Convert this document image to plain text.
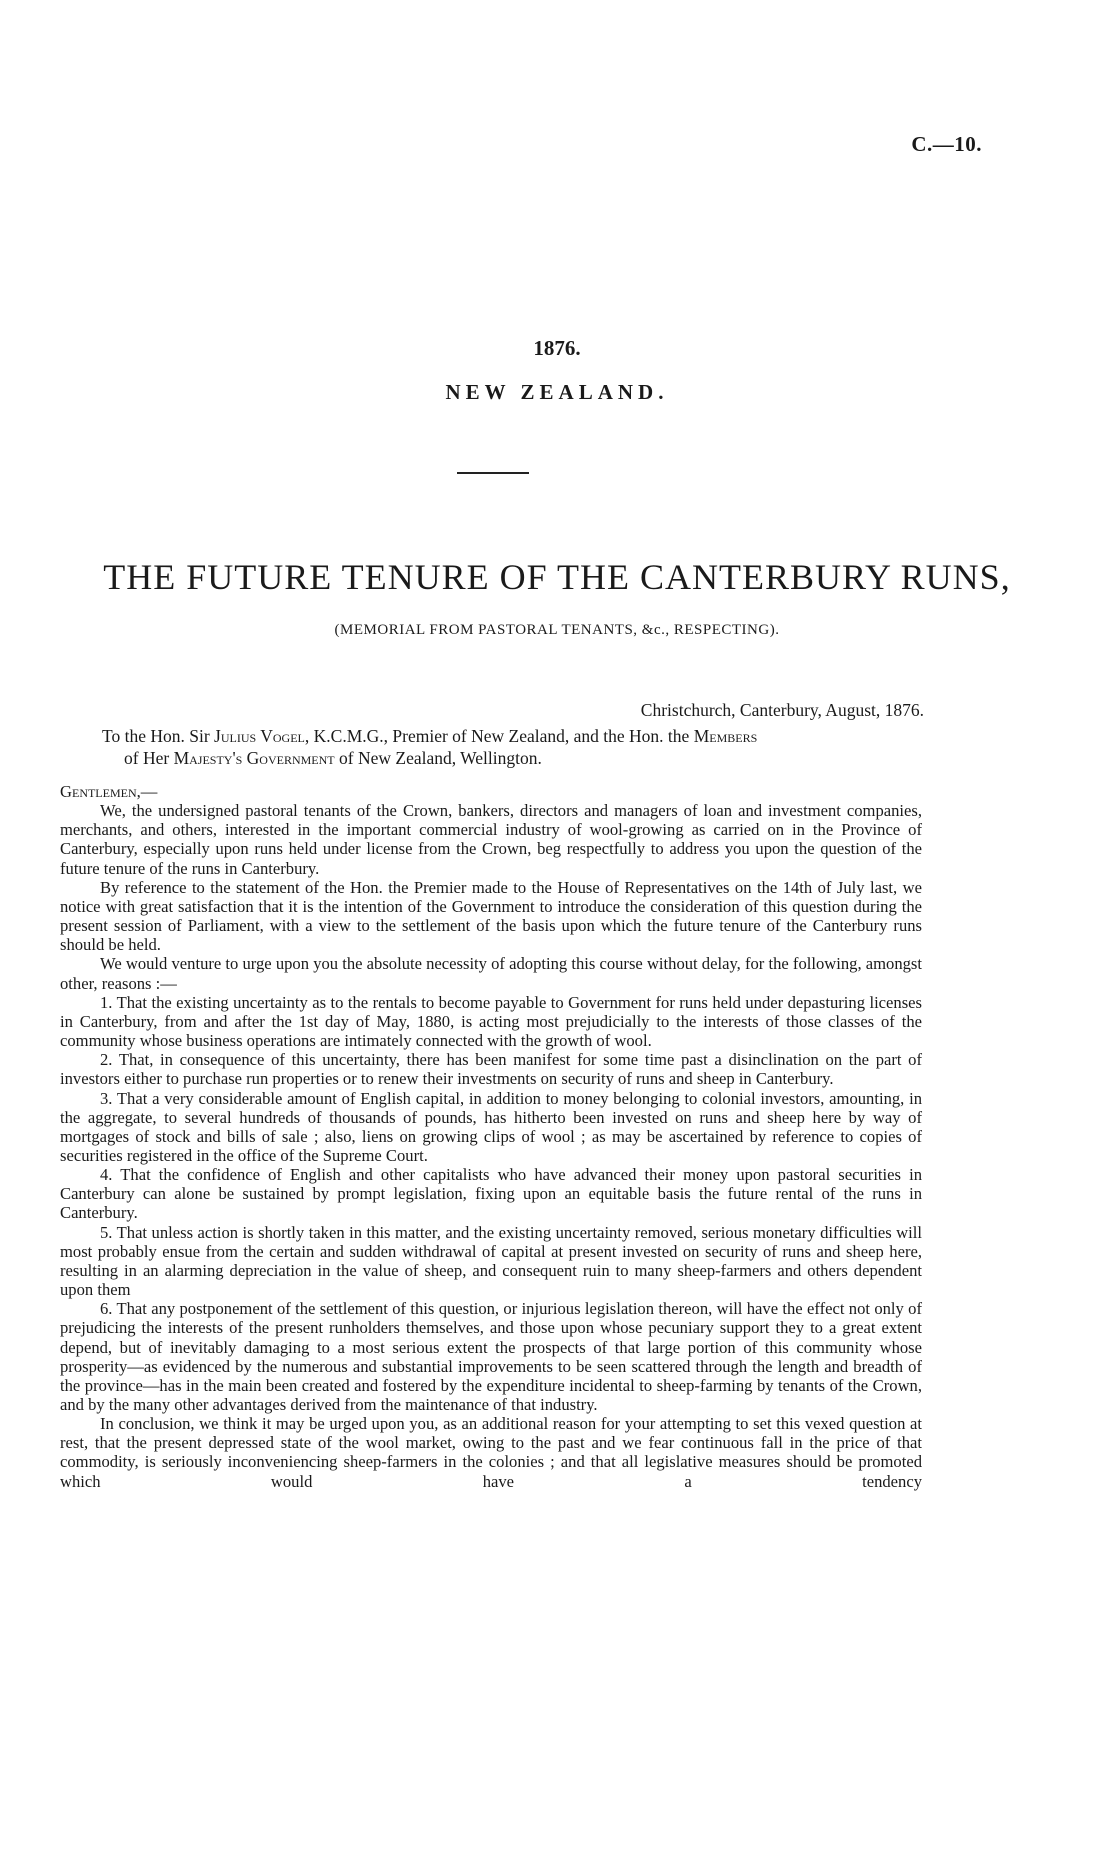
C.—10.
1876.
NEW ZEALAND.
THE FUTURE TENURE OF THE CANTERBURY RUNS,
(MEMORIAL FROM PASTORAL TENANTS, &c., RESPECTING).
Christchurch, Canterbury, August, 1876.
To the Hon. Sir Julius Vogel, K.C.M.G., Premier of New Zealand, and the Hon. the Members
of Her Majesty's Government of New Zealand, Wellington.
Gentlemen,—

We, the undersigned pastoral tenants of the Crown, bankers, directors and managers of loan and investment companies, merchants, and others, interested in the important commercial industry of wool-growing as carried on in the Province of Canterbury, especially upon runs held under license from the Crown, beg respectfully to address you upon the question of the future tenure of the runs in Canterbury.

By reference to the statement of the Hon. the Premier made to the House of Representatives on the 14th of July last, we notice with great satisfaction that it is the intention of the Government to introduce the consideration of this question during the present session of Parliament, with a view to the settlement of the basis upon which the future tenure of the Canterbury runs should be held.

We would venture to urge upon you the absolute necessity of adopting this course without delay, for the following, amongst other, reasons :—

1. That the existing uncertainty as to the rentals to become payable to Government for runs held under depasturing licenses in Canterbury, from and after the 1st day of May, 1880, is acting most prejudicially to the interests of those classes of the community whose business operations are intimately connected with the growth of wool.

2. That, in consequence of this uncertainty, there has been manifest for some time past a disinclination on the part of investors either to purchase run properties or to renew their investments on security of runs and sheep in Canterbury.

3. That a very considerable amount of English capital, in addition to money belonging to colonial investors, amounting, in the aggregate, to several hundreds of thousands of pounds, has hitherto been invested on runs and sheep here by way of mortgages of stock and bills of sale ; also, liens on growing clips of wool ; as may be ascertained by reference to copies of securities registered in the office of the Supreme Court.

4. That the confidence of English and other capitalists who have advanced their money upon pastoral securities in Canterbury can alone be sustained by prompt legislation, fixing upon an equitable basis the future rental of the runs in Canterbury.

5. That unless action is shortly taken in this matter, and the existing uncertainty removed, serious monetary difficulties will most probably ensue from the certain and sudden withdrawal of capital at present invested on security of runs and sheep here, resulting in an alarming depreciation in the value of sheep, and consequent ruin to many sheep-farmers and others dependent upon them

6. That any postponement of the settlement of this question, or injurious legislation thereon, will have the effect not only of prejudicing the interests of the present runholders themselves, and those upon whose pecuniary support they to a great extent depend, but of inevitably damaging to a most serious extent the prospects of that large portion of this community whose prosperity—as evidenced by the numerous and substantial improvements to be seen scattered through the length and breadth of the province—has in the main been created and fostered by the expenditure incidental to sheep-farming by tenants of the Crown, and by the many other advantages derived from the maintenance of that industry.

In conclusion, we think it may be urged upon you, as an additional reason for your attempting to set this vexed question at rest, that the present depressed state of the wool market, owing to the past and we fear continuous fall in the price of that commodity, is seriously inconveniencing sheep-farmers in the colonies ; and that all legislative measures should be promoted which would have a tendency
